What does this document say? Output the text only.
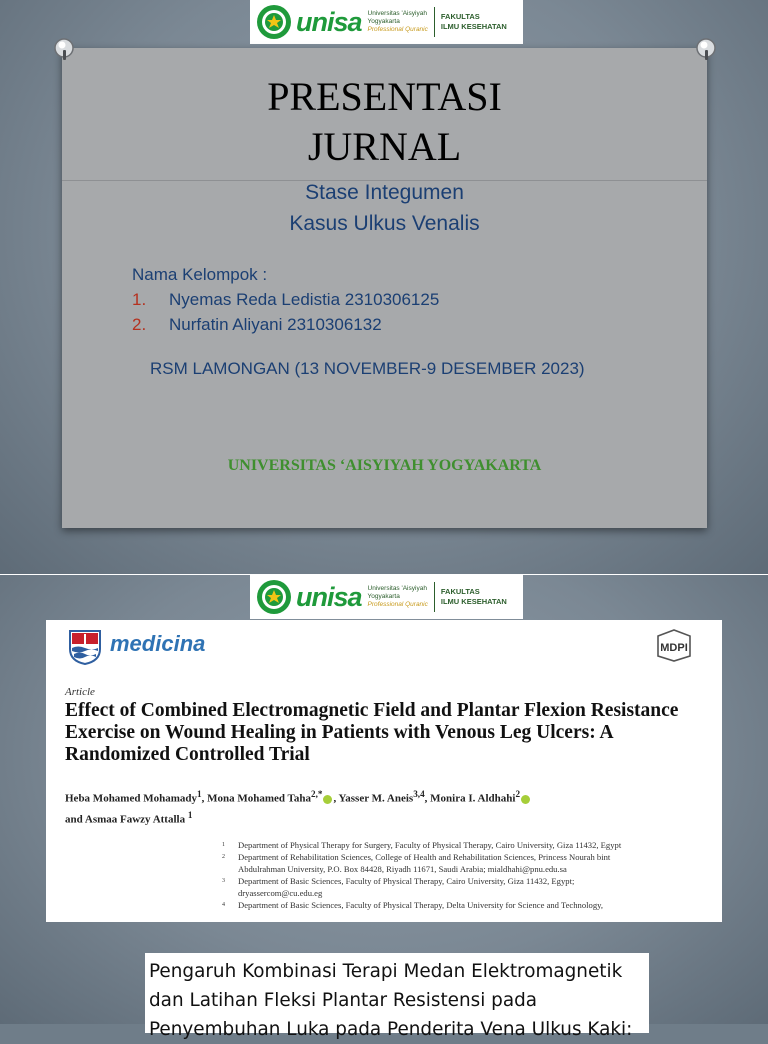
unisa Universitas 'Aisyiyah
Yogyakarta
Professional Quranic
FAKULTAS
ILMU KESEHATAN
PRESENTASI
JURNAL
Stase Integumen
Kasus Ulkus Venalis
Nama Kelompok :
1.	Nyemas Reda Ledistia 2310306125
2.	Nurfatin Aliyani 2310306132
RSM LAMONGAN (13 NOVEMBER-9 DESEMBER 2023)
UNIVERSITAS ‘AISYIYAH YOGYAKARTA
unisa Universitas 'Aisyiyah
Yogyakarta
Professional Quranic
FAKULTAS
ILMU KESEHATAN
medicina	MDPI
Article
Effect of Combined Electromagnetic Field and Plantar Flexion Resistance Exercise on Wound Healing in Patients with Venous Leg Ulcers: A Randomized Controlled Trial
Heba Mohamed Mohamady$^1$, Mona Mohamed Taha$^{2,*}$ , Yasser M. Aneis$^{3,4}$, Monira I. Aldhahi$^2$
and Asmaa Fawzy Attalla $^1$
1	Department of Physical Therapy for Surgery, Faculty of Physical Therapy, Cairo University, Giza 11432, Egypt
2	Department of Rehabilitation Sciences, College of Health and Rehabilitation Sciences, Princess Nourah bint
Abdulrahman University, P.O. Box 84428, Riyadh 11671, Saudi Arabia; mialdhahi@pnu.edu.sa
3	Department of Basic Sciences, Faculty of Physical Therapy, Cairo University, Giza 11432, Egypt;
dryassercom@cu.edu.eg
4	Department of Basic Sciences, Faculty of Physical Therapy, Delta University for Science and Technology,
Pengaruh Kombinasi Terapi Medan Elektromagnetik
dan Latihan Fleksi Plantar Resistensi pada
Penyembuhan Luka pada Penderita Vena Ulkus Kaki:
